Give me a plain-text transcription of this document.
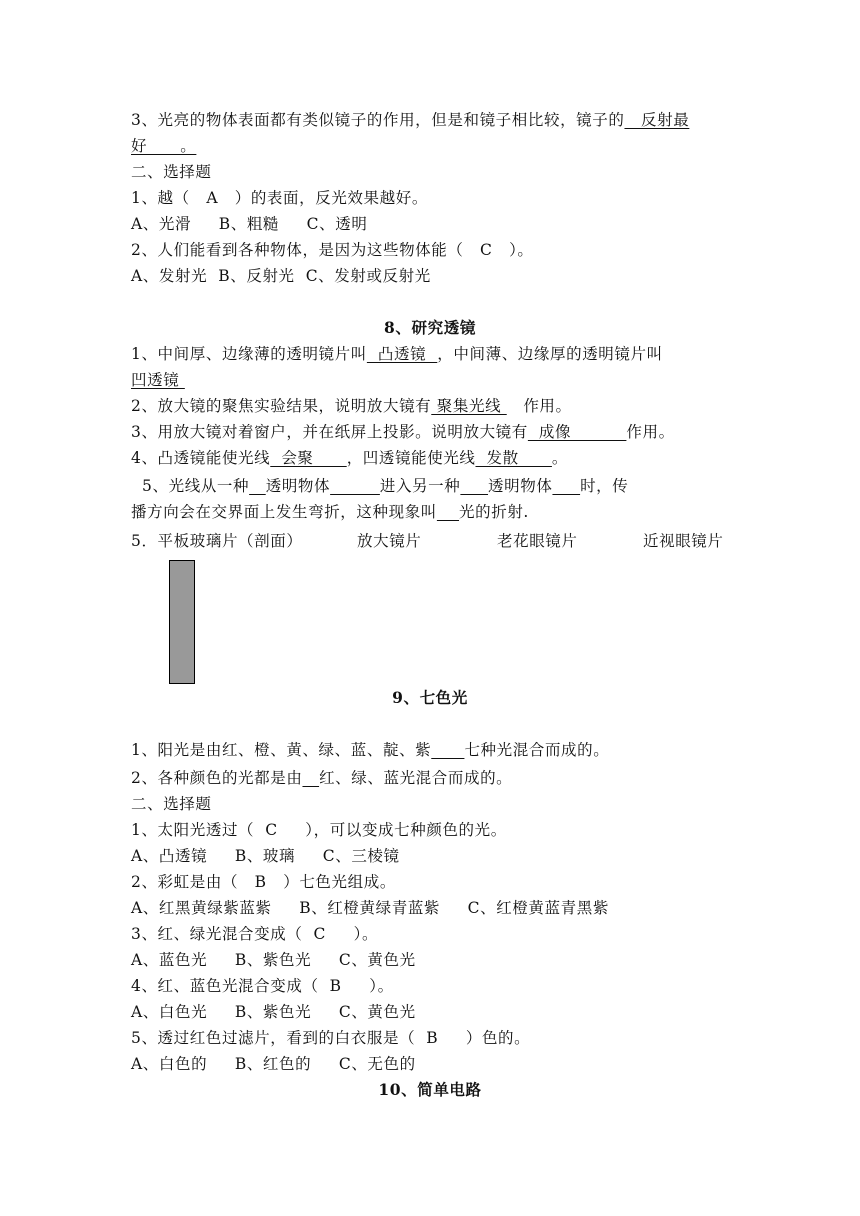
3、光亮的物体表面都有类似镜子的作用，但是和镜子相比较，镜子的   反射最
好      。
二、选择题
1、越（   A   ）的表面，反光效果越好。
A、光滑     B、粗糙     C、透明
2、人们能看到各种物体，是因为这些物体能（   C   ）。
A、发射光  B、反射光  C、发射或反射光
8、研究透镜
1、中间厚、边缘薄的透明镜片叫  凸透镜  ，中间薄、边缘厚的透明镜片叫
凹透镜
2、放大镜的聚焦实验结果，说明放大镜有 聚集光线    作用。
3、用放大镜对着窗户，并在纸屏上投影。说明放大镜有  成像          作用。
4、凸透镜能使光线  会聚      ，凹透镜能使光线  发散      。
5、光线从一种 透明物体	进入另一种 透明物体 时，传
播方向会在交界面上发生弯折，这种现象叫 光的折射.
5．平板玻璃片（剖面）	放大镜片	老花眼镜片	近视眼镜片
9、七色光
1、阳光是由红、橙、黄、绿、蓝、靛、紫 七种光混合而成的。
2、各种颜色的光都是由 红、绿、蓝光混合而成的。
二、选择题
1、太阳光透过（  C     ），可以变成七种颜色的光。
A、凸透镜     B、玻璃     C、三棱镜
2、彩虹是由（   B   ）七色光组成。
A、红黑黄绿紫蓝紫     B、红橙黄绿青蓝紫     C、红橙黄蓝青黑紫
3、红、绿光混合变成（  C     ）。
A、蓝色光     B、紫色光     C、黄色光
4、红、蓝色光混合变成（  B     ）。
A、白色光     B、紫色光     C、黄色光
5、透过红色过滤片，看到的白衣服是（  B     ）色的。
A、白色的     B、红色的     C、无色的
10、简单电路
